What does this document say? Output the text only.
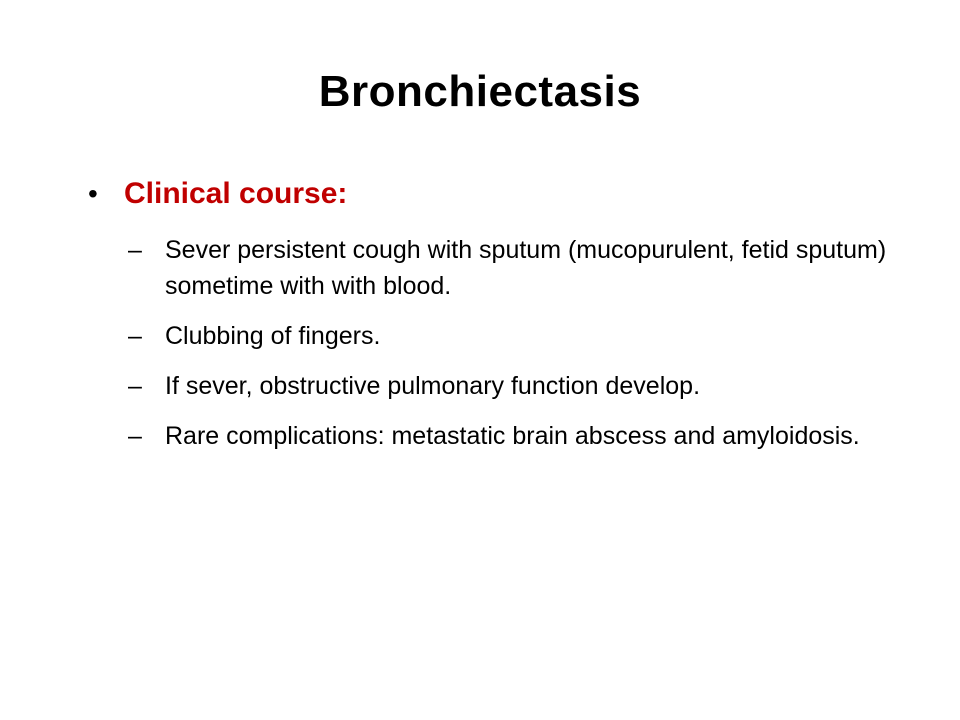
Bronchiectasis
• Clinical course:
– Sever persistent cough with sputum (mucopurulent, fetid sputum) sometime with with blood.
– Clubbing of fingers.
– If sever, obstructive pulmonary function develop.
– Rare complications: metastatic brain abscess and amyloidosis.
